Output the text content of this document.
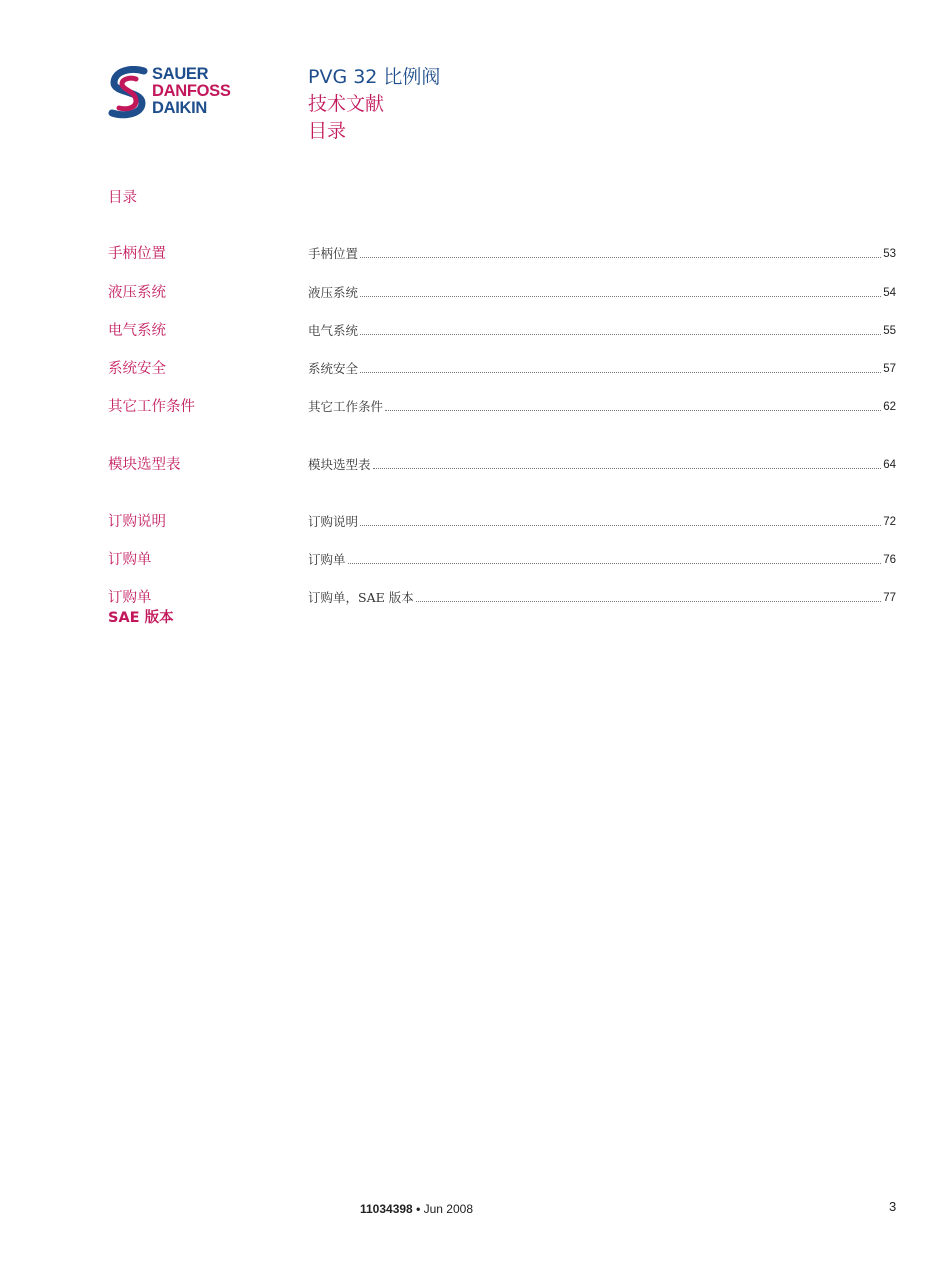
SAUER
DANFOSS
DAIKIN
PVG 32 比例阀
技术文献
目录
目录
手柄位置	手柄位置	53
液压系统	液压系统	54
电气系统	电气系统	55
系统安全	系统安全	57
其它工作条件	其它工作条件	62
模块选型表	模块选型表	64
订购说明	订购说明	72
订购单	订购单	76
订购单
SAE 版本
订购单，SAE 版本	77
11034398 • Jun 2008	3
